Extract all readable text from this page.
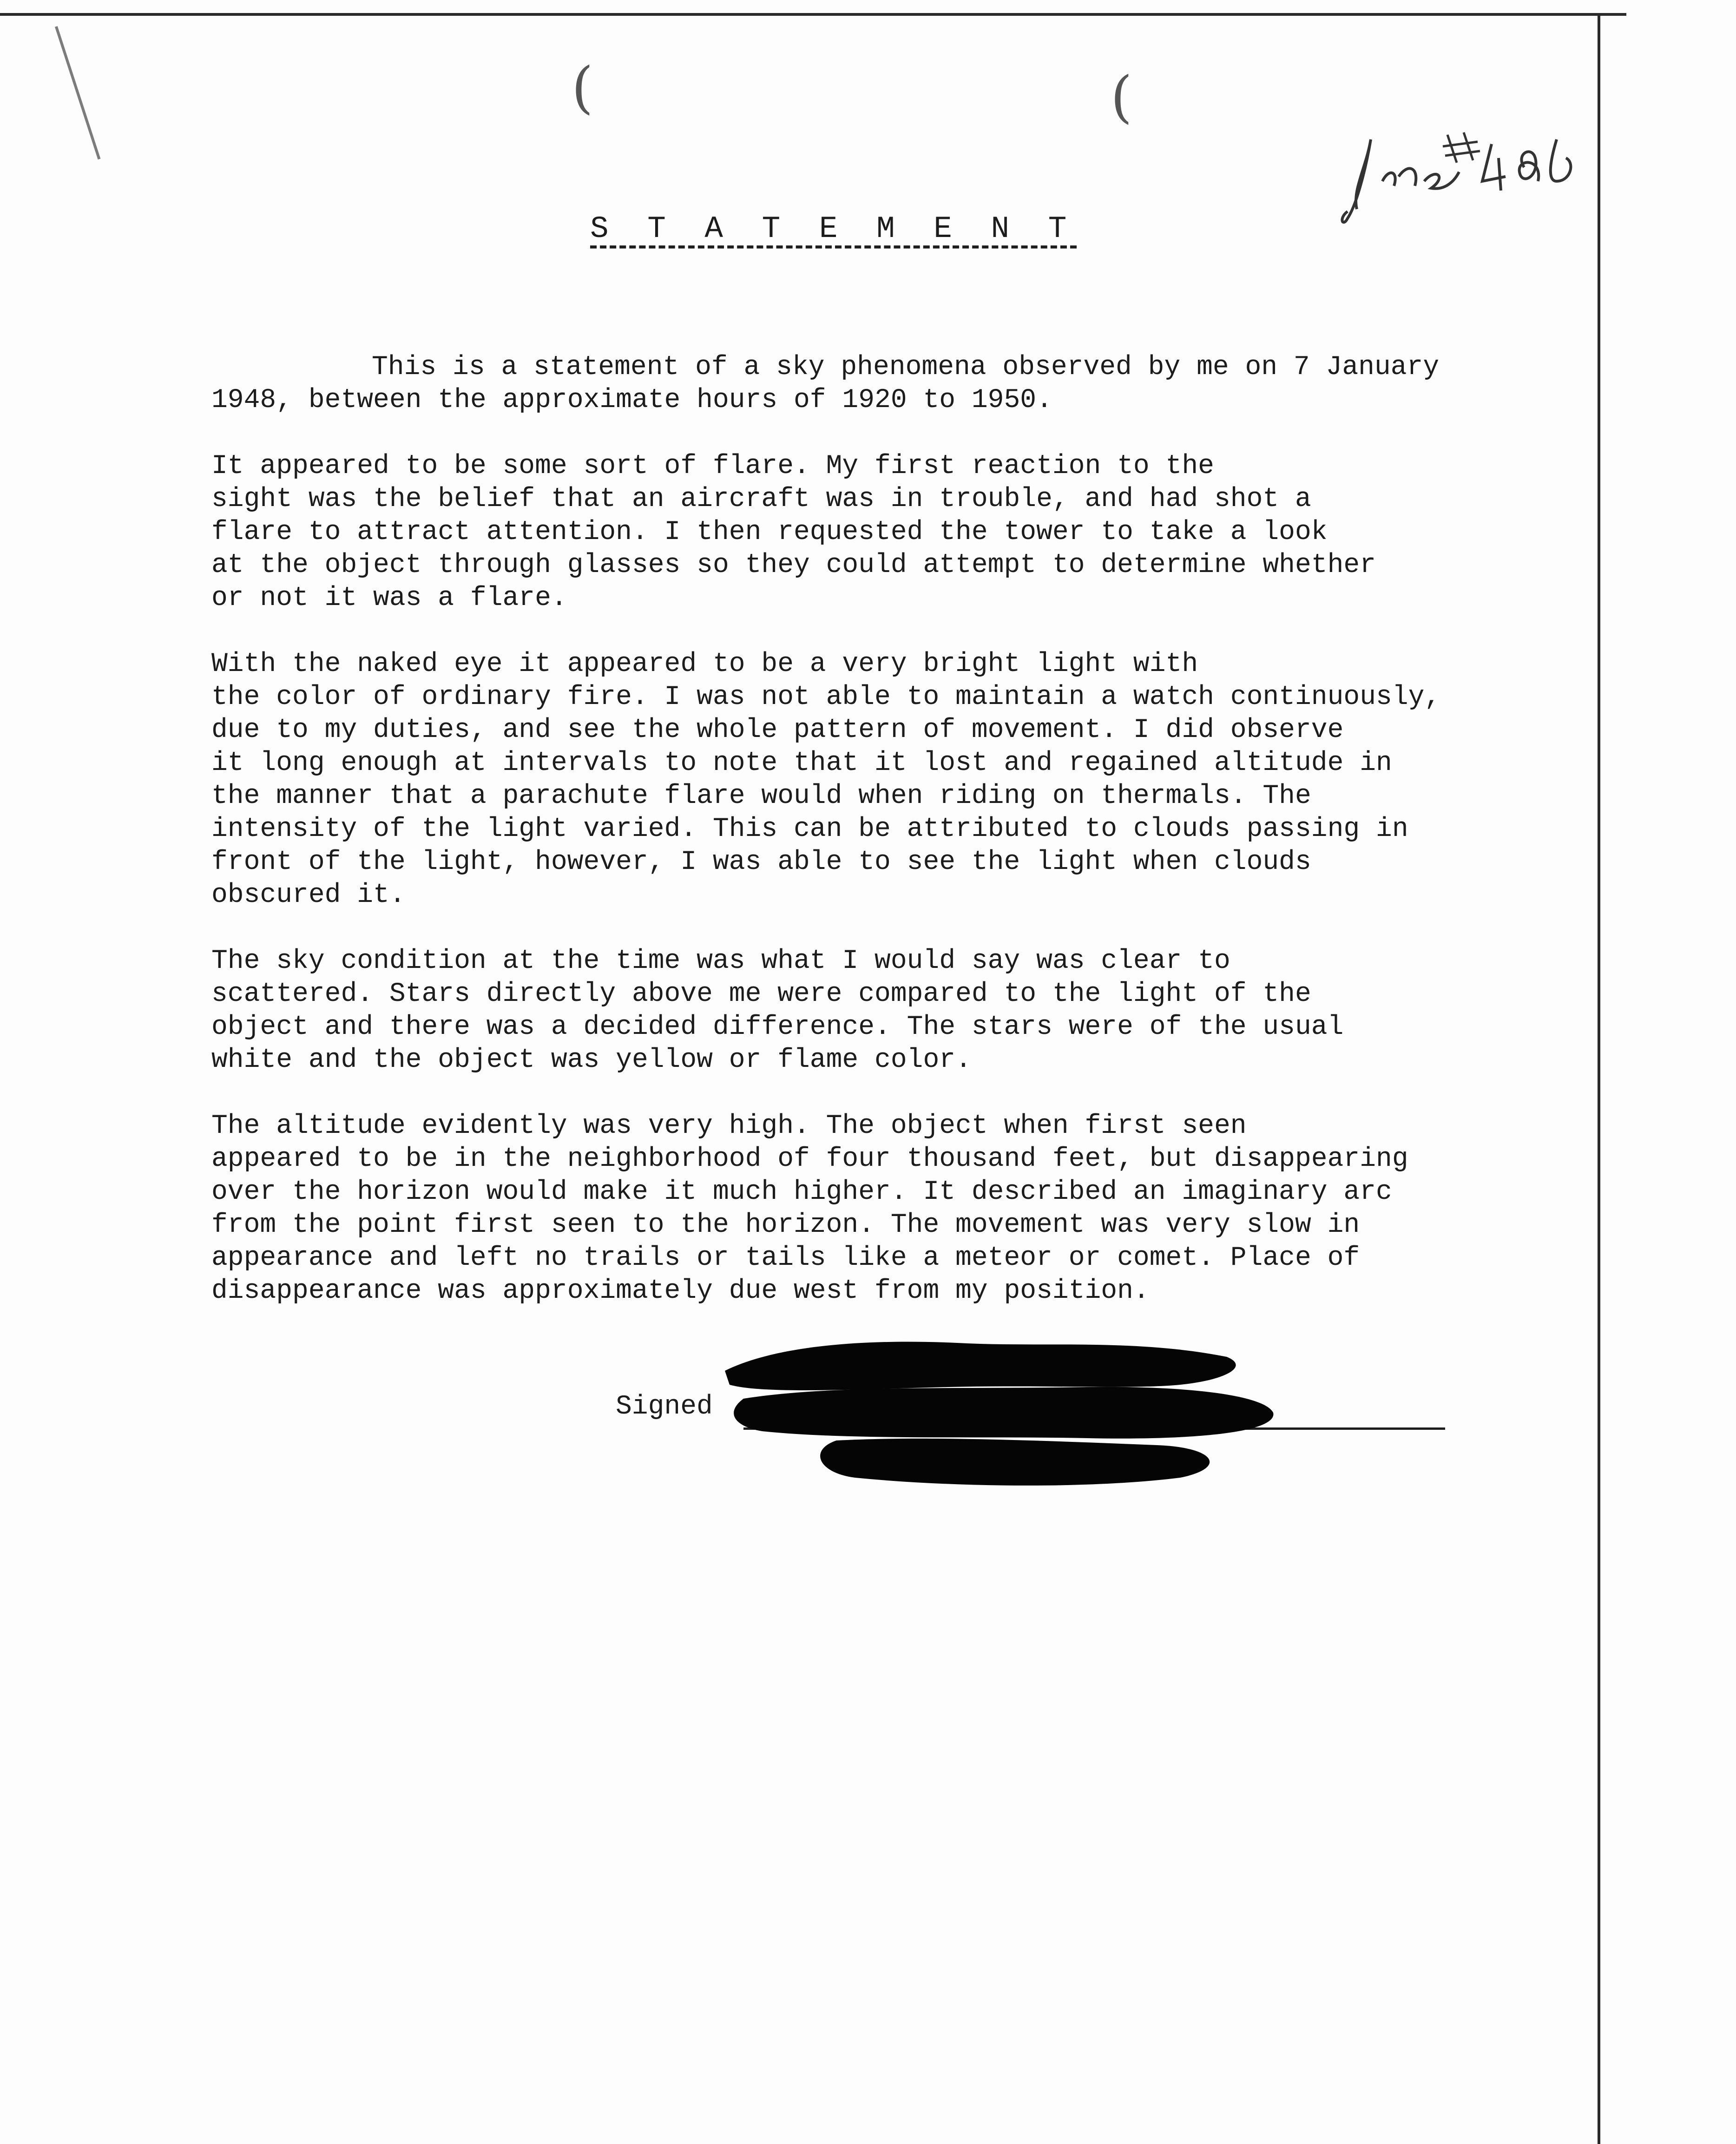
(	(
S T A T E M E N T

This is a statement of a sky phenomena observed by me on 7 January
1948, between the approximate hours of 1920 to 1950.

It appeared to be some sort of flare. My first reaction to the
sight was the belief that an aircraft was in trouble, and had shot a
flare to attract attention. I then requested the tower to take a look
at the object through glasses so they could attempt to determine whether
or not it was a flare.

With the naked eye it appeared to be a very bright light with
the color of ordinary fire. I was not able to maintain a watch continuously,
due to my duties, and see the whole pattern of movement. I did observe
it long enough at intervals to note that it lost and regained altitude in
the manner that a parachute flare would when riding on thermals. The
intensity of the light varied. This can be attributed to clouds passing in
front of the light, however, I was able to see the light when clouds
obscured it.

The sky condition at the time was what I would say was clear to
scattered. Stars directly above me were compared to the light of the
object and there was a decided difference. The stars were of the usual
white and the object was yellow or flame color.

The altitude evidently was very high. The object when first seen
appeared to be in the neighborhood of four thousand feet, but disappearing
over the horizon would make it much higher. It described an imaginary arc
from the point first seen to the horizon. The movement was very slow in
appearance and left no trails or tails like a meteor or comet. Place of
disappearance was approximately due west from my position.

Signed
